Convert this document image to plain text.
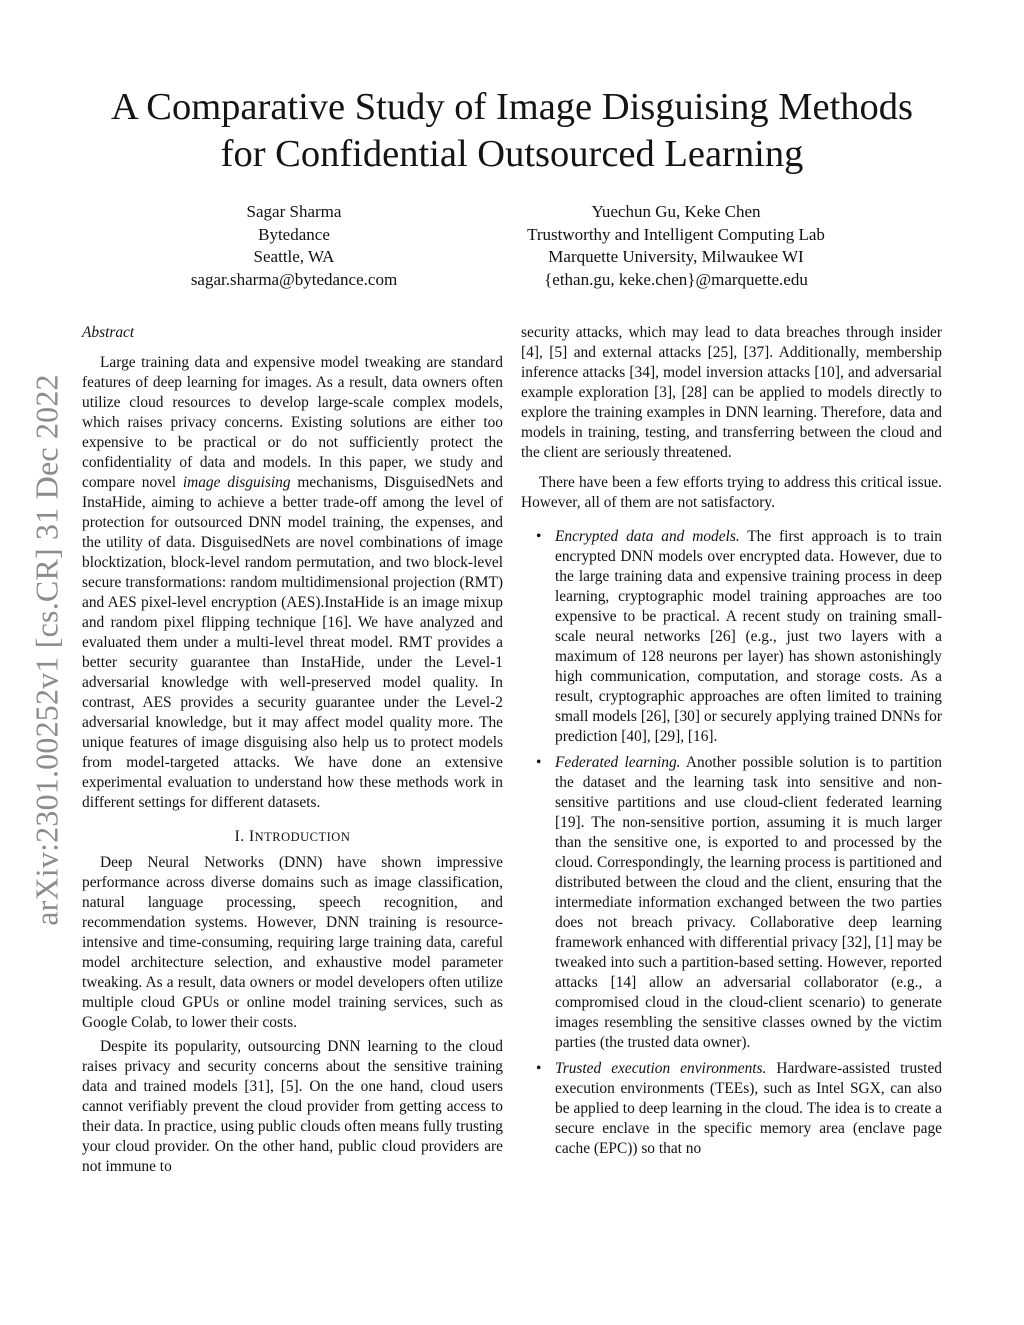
A Comparative Study of Image Disguising Methods
for Confidential Outsourced Learning
Sagar Sharma
Bytedance
Seattle, WA
sagar.sharma@bytedance.com
Yuechun Gu, Keke Chen
Trustworthy and Intelligent Computing Lab
Marquette University, Milwaukee WI
{ethan.gu, keke.chen}@marquette.edu
arXiv:2301.00252v1 [cs.CR] 31 Dec 2022
Abstract

Large training data and expensive model tweaking are standard features of deep learning for images. As a result, data owners often utilize cloud resources to develop large-scale complex models, which raises privacy concerns. Existing solutions are either too expensive to be practical or do not sufficiently protect the confidentiality of data and models. In this paper, we study and compare novel image disguising mechanisms, DisguisedNets and InstaHide, aiming to achieve a better trade-off among the level of protection for outsourced DNN model training, the expenses, and the utility of data. DisguisedNets are novel combinations of image blocktization, block-level random permutation, and two block-level secure transformations: random multidimensional projection (RMT) and AES pixel-level encryption (AES).InstaHide is an image mixup and random pixel flipping technique [16]. We have analyzed and evaluated them under a multi-level threat model. RMT provides a better security guarantee than InstaHide, under the Level-1 adversarial knowledge with well-preserved model quality. In contrast, AES provides a security guarantee under the Level-2 adversarial knowledge, but it may affect model quality more. The unique features of image disguising also help us to protect models from model-targeted attacks. We have done an extensive experimental evaluation to understand how these methods work in different settings for different datasets.

I. INTRODUCTION

Deep Neural Networks (DNN) have shown impressive performance across diverse domains such as image classification, natural language processing, speech recognition, and recommendation systems. However, DNN training is resource-intensive and time-consuming, requiring large training data, careful model architecture selection, and exhaustive model parameter tweaking. As a result, data owners or model developers often utilize multiple cloud GPUs or online model training services, such as Google Colab, to lower their costs.

Despite its popularity, outsourcing DNN learning to the cloud raises privacy and security concerns about the sensitive training data and trained models [31], [5]. On the one hand, cloud users cannot verifiably prevent the cloud provider from getting access to their data. In practice, using public clouds often means fully trusting your cloud provider. On the other hand, public cloud providers are not immune to

security attacks, which may lead to data breaches through insider [4], [5] and external attacks [25], [37]. Additionally, membership inference attacks [34], model inversion attacks [10], and adversarial example exploration [3], [28] can be applied to models directly to explore the training examples in DNN learning. Therefore, data and models in training, testing, and transferring between the cloud and the client are seriously threatened.

There have been a few efforts trying to address this critical issue. However, all of them are not satisfactory.

• Encrypted data and models. The first approach is to train encrypted DNN models over encrypted data. However, due to the large training data and expensive training process in deep learning, cryptographic model training approaches are too expensive to be practical. A recent study on training small-scale neural networks [26] (e.g., just two layers with a maximum of 128 neurons per layer) has shown astonishingly high communication, computation, and storage costs. As a result, cryptographic approaches are often limited to training small models [26], [30] or securely applying trained DNNs for prediction [40], [29], [16].
• Federated learning. Another possible solution is to partition the dataset and the learning task into sensitive and non-sensitive partitions and use cloud-client federated learning [19]. The non-sensitive portion, assuming it is much larger than the sensitive one, is exported to and processed by the cloud. Correspondingly, the learning process is partitioned and distributed between the cloud and the client, ensuring that the intermediate information exchanged between the two parties does not breach privacy. Collaborative deep learning framework enhanced with differential privacy [32], [1] may be tweaked into such a partition-based setting. However, reported attacks [14] allow an adversarial collaborator (e.g., a compromised cloud in the cloud-client scenario) to generate images resembling the sensitive classes owned by the victim parties (the trusted data owner).
• Trusted execution environments. Hardware-assisted trusted execution environments (TEEs), such as Intel SGX, can also be applied to deep learning in the cloud. The idea is to create a secure enclave in the specific memory area (enclave page cache (EPC)) so that no
